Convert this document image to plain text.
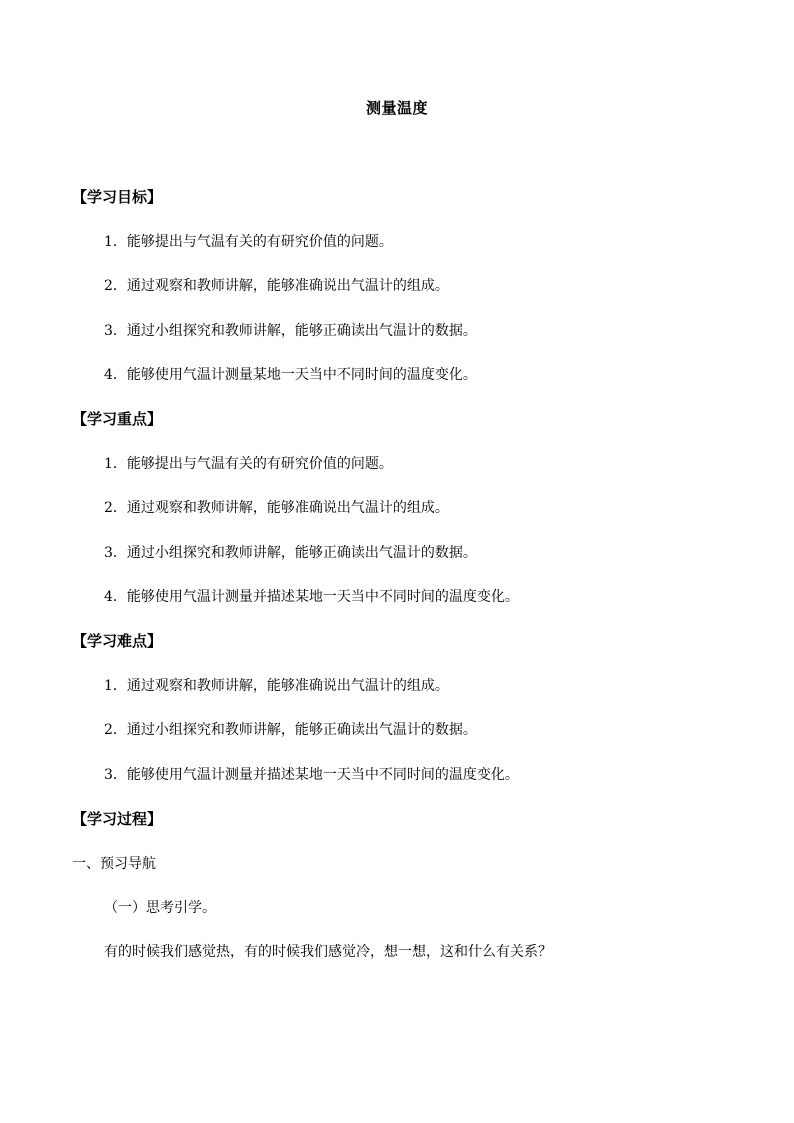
测量温度
【学习目标】
1．能够提出与气温有关的有研究价值的问题。
2．通过观察和教师讲解，能够准确说出气温计的组成。
3．通过小组探究和教师讲解，能够正确读出气温计的数据。
4．能够使用气温计测量某地一天当中不同时间的温度变化。
【学习重点】
1．能够提出与气温有关的有研究价值的问题。
2．通过观察和教师讲解，能够准确说出气温计的组成。
3．通过小组探究和教师讲解，能够正确读出气温计的数据。
4．能够使用气温计测量并描述某地一天当中不同时间的温度变化。
【学习难点】
1．通过观察和教师讲解，能够准确说出气温计的组成。
2．通过小组探究和教师讲解，能够正确读出气温计的数据。
3．能够使用气温计测量并描述某地一天当中不同时间的温度变化。
【学习过程】
一、预习导航
（一）思考引学。
有的时候我们感觉热，有的时候我们感觉冷，想一想，这和什么有关系？
